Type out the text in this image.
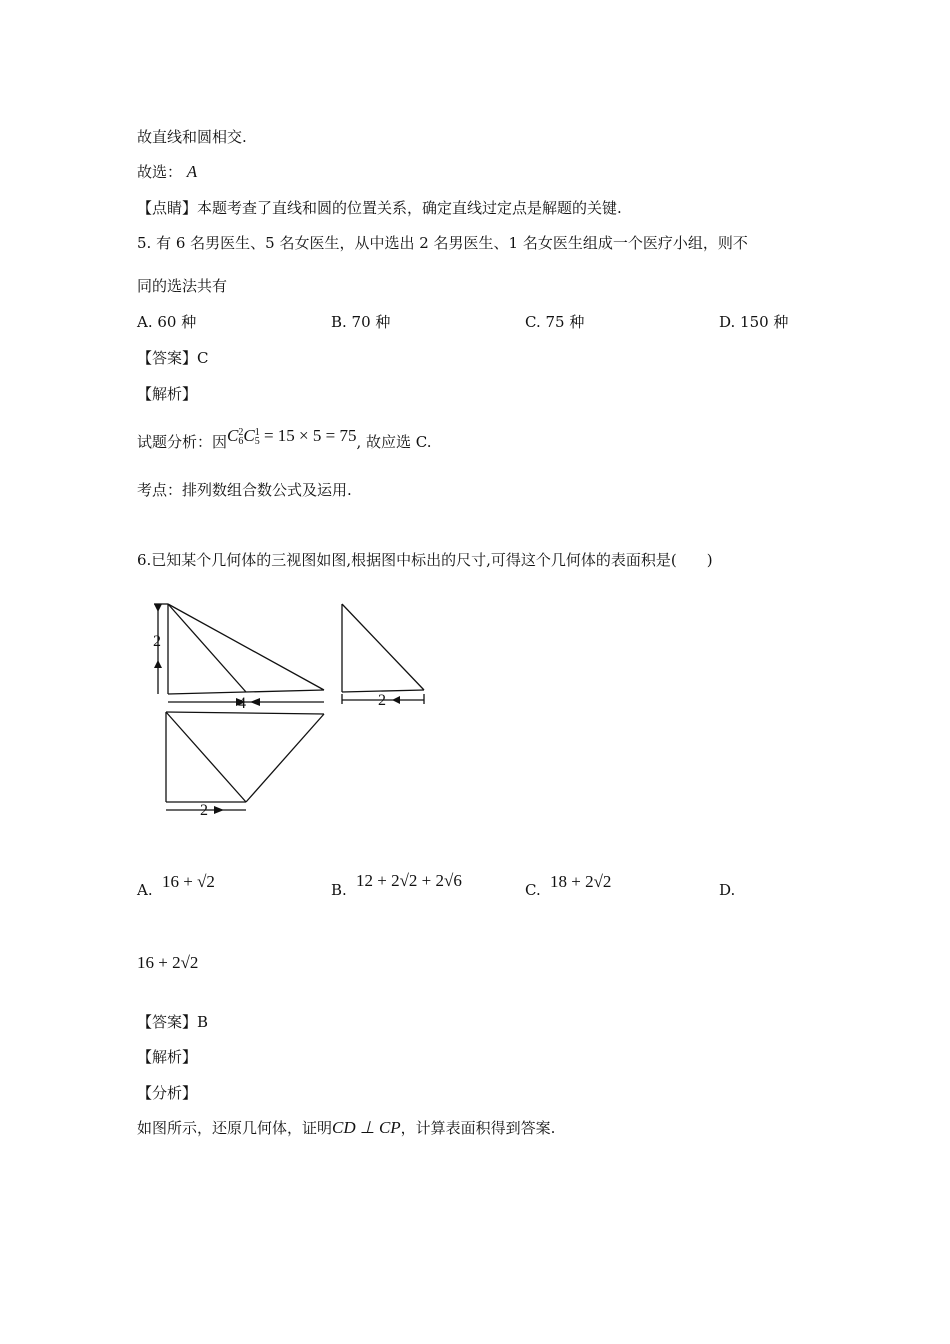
故直线和圆相交.
故选： A
【点睛】本题考查了直线和圆的位置关系，确定直线过定点是解题的关键.
5. 有 6 名男医生、5 名女医生，从中选出 2 名男医生、1 名女医生组成一个医疗小组，则不
同的选法共有
A. 60 种	B. 70 种	C. 75 种	D. 150 种
【答案】C
【解析】
试题分析：因C 2
6 C 1
5 = 15 × 5 = 75, 故应选 C.
考点：排列数组合数公式及运用.
6.已知某个几何体的三视图如图,根据图中标出的尺寸,可得这个几何体的表面积是(　　)
2
4	2
2
A. 16 + √2	B. 12 + 2√2 + 2√6	C. 18 + 2√2	D.
16 + 2√2
【答案】B
【解析】
【分析】
如图所示，还原几何体，证明CD ⊥ CP，计算表面积得到答案.
